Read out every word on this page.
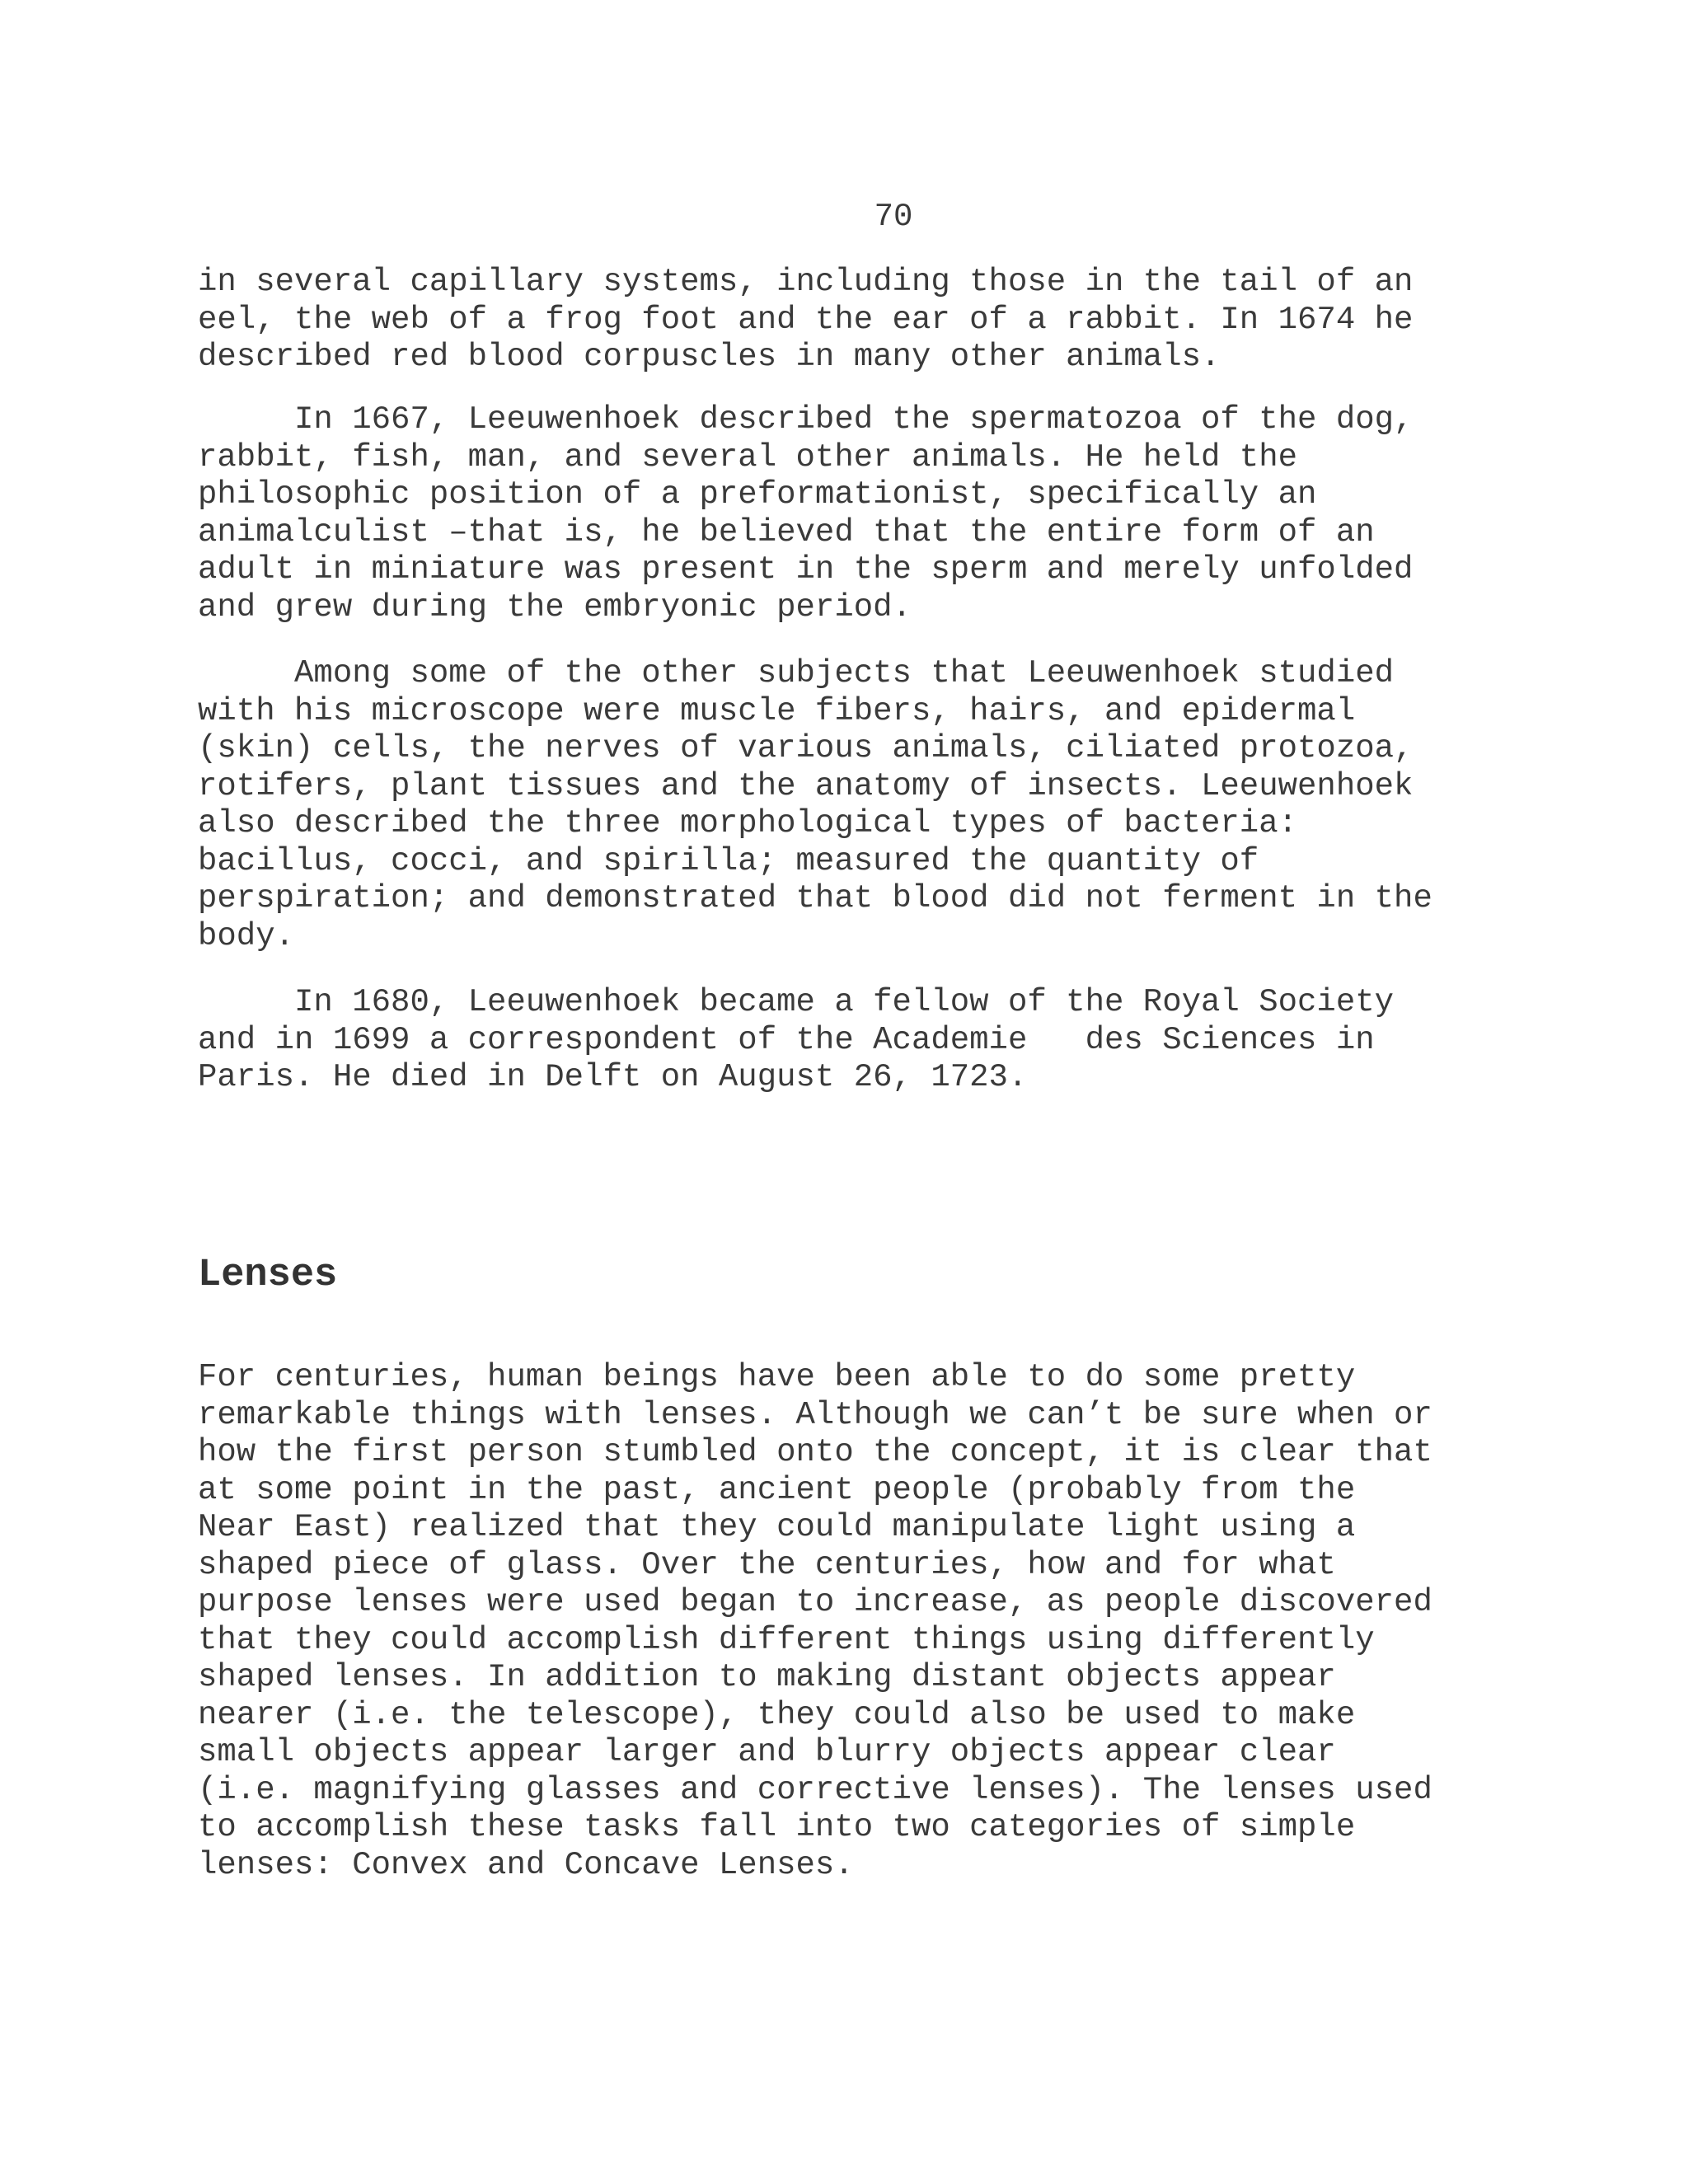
70

in several capillary systems, including those in the tail of an
eel, the web of a frog foot and the ear of a rabbit. In 1674 he
described red blood corpuscles in many other animals.

In 1667, Leeuwenhoek described the spermatozoa of the dog,
rabbit, fish, man, and several other animals. He held the
philosophic position of a preformationist, specifically an
animalculist –that is, he believed that the entire form of an
adult in miniature was present in the sperm and merely unfolded
and grew during the embryonic period.

Among some of the other subjects that Leeuwenhoek studied
with his microscope were muscle fibers, hairs, and epidermal
(skin) cells, the nerves of various animals, ciliated protozoa,
rotifers, plant tissues and the anatomy of insects. Leeuwenhoek
also described the three morphological types of bacteria:
bacillus, cocci, and spirilla; measured the quantity of
perspiration; and demonstrated that blood did not ferment in the
body.

In 1680, Leeuwenhoek became a fellow of the Royal Society
and in 1699 a correspondent of the Academie   des Sciences in
Paris. He died in Delft on August 26, 1723.

Lenses

For centuries, human beings have been able to do some pretty
remarkable things with lenses. Although we can’t be sure when or
how the first person stumbled onto the concept, it is clear that
at some point in the past, ancient people (probably from the
Near East) realized that they could manipulate light using a
shaped piece of glass. Over the centuries, how and for what
purpose lenses were used began to increase, as people discovered
that they could accomplish different things using differently
shaped lenses. In addition to making distant objects appear
nearer (i.e. the telescope), they could also be used to make
small objects appear larger and blurry objects appear clear
(i.e. magnifying glasses and corrective lenses). The lenses used
to accomplish these tasks fall into two categories of simple
lenses: Convex and Concave Lenses.
